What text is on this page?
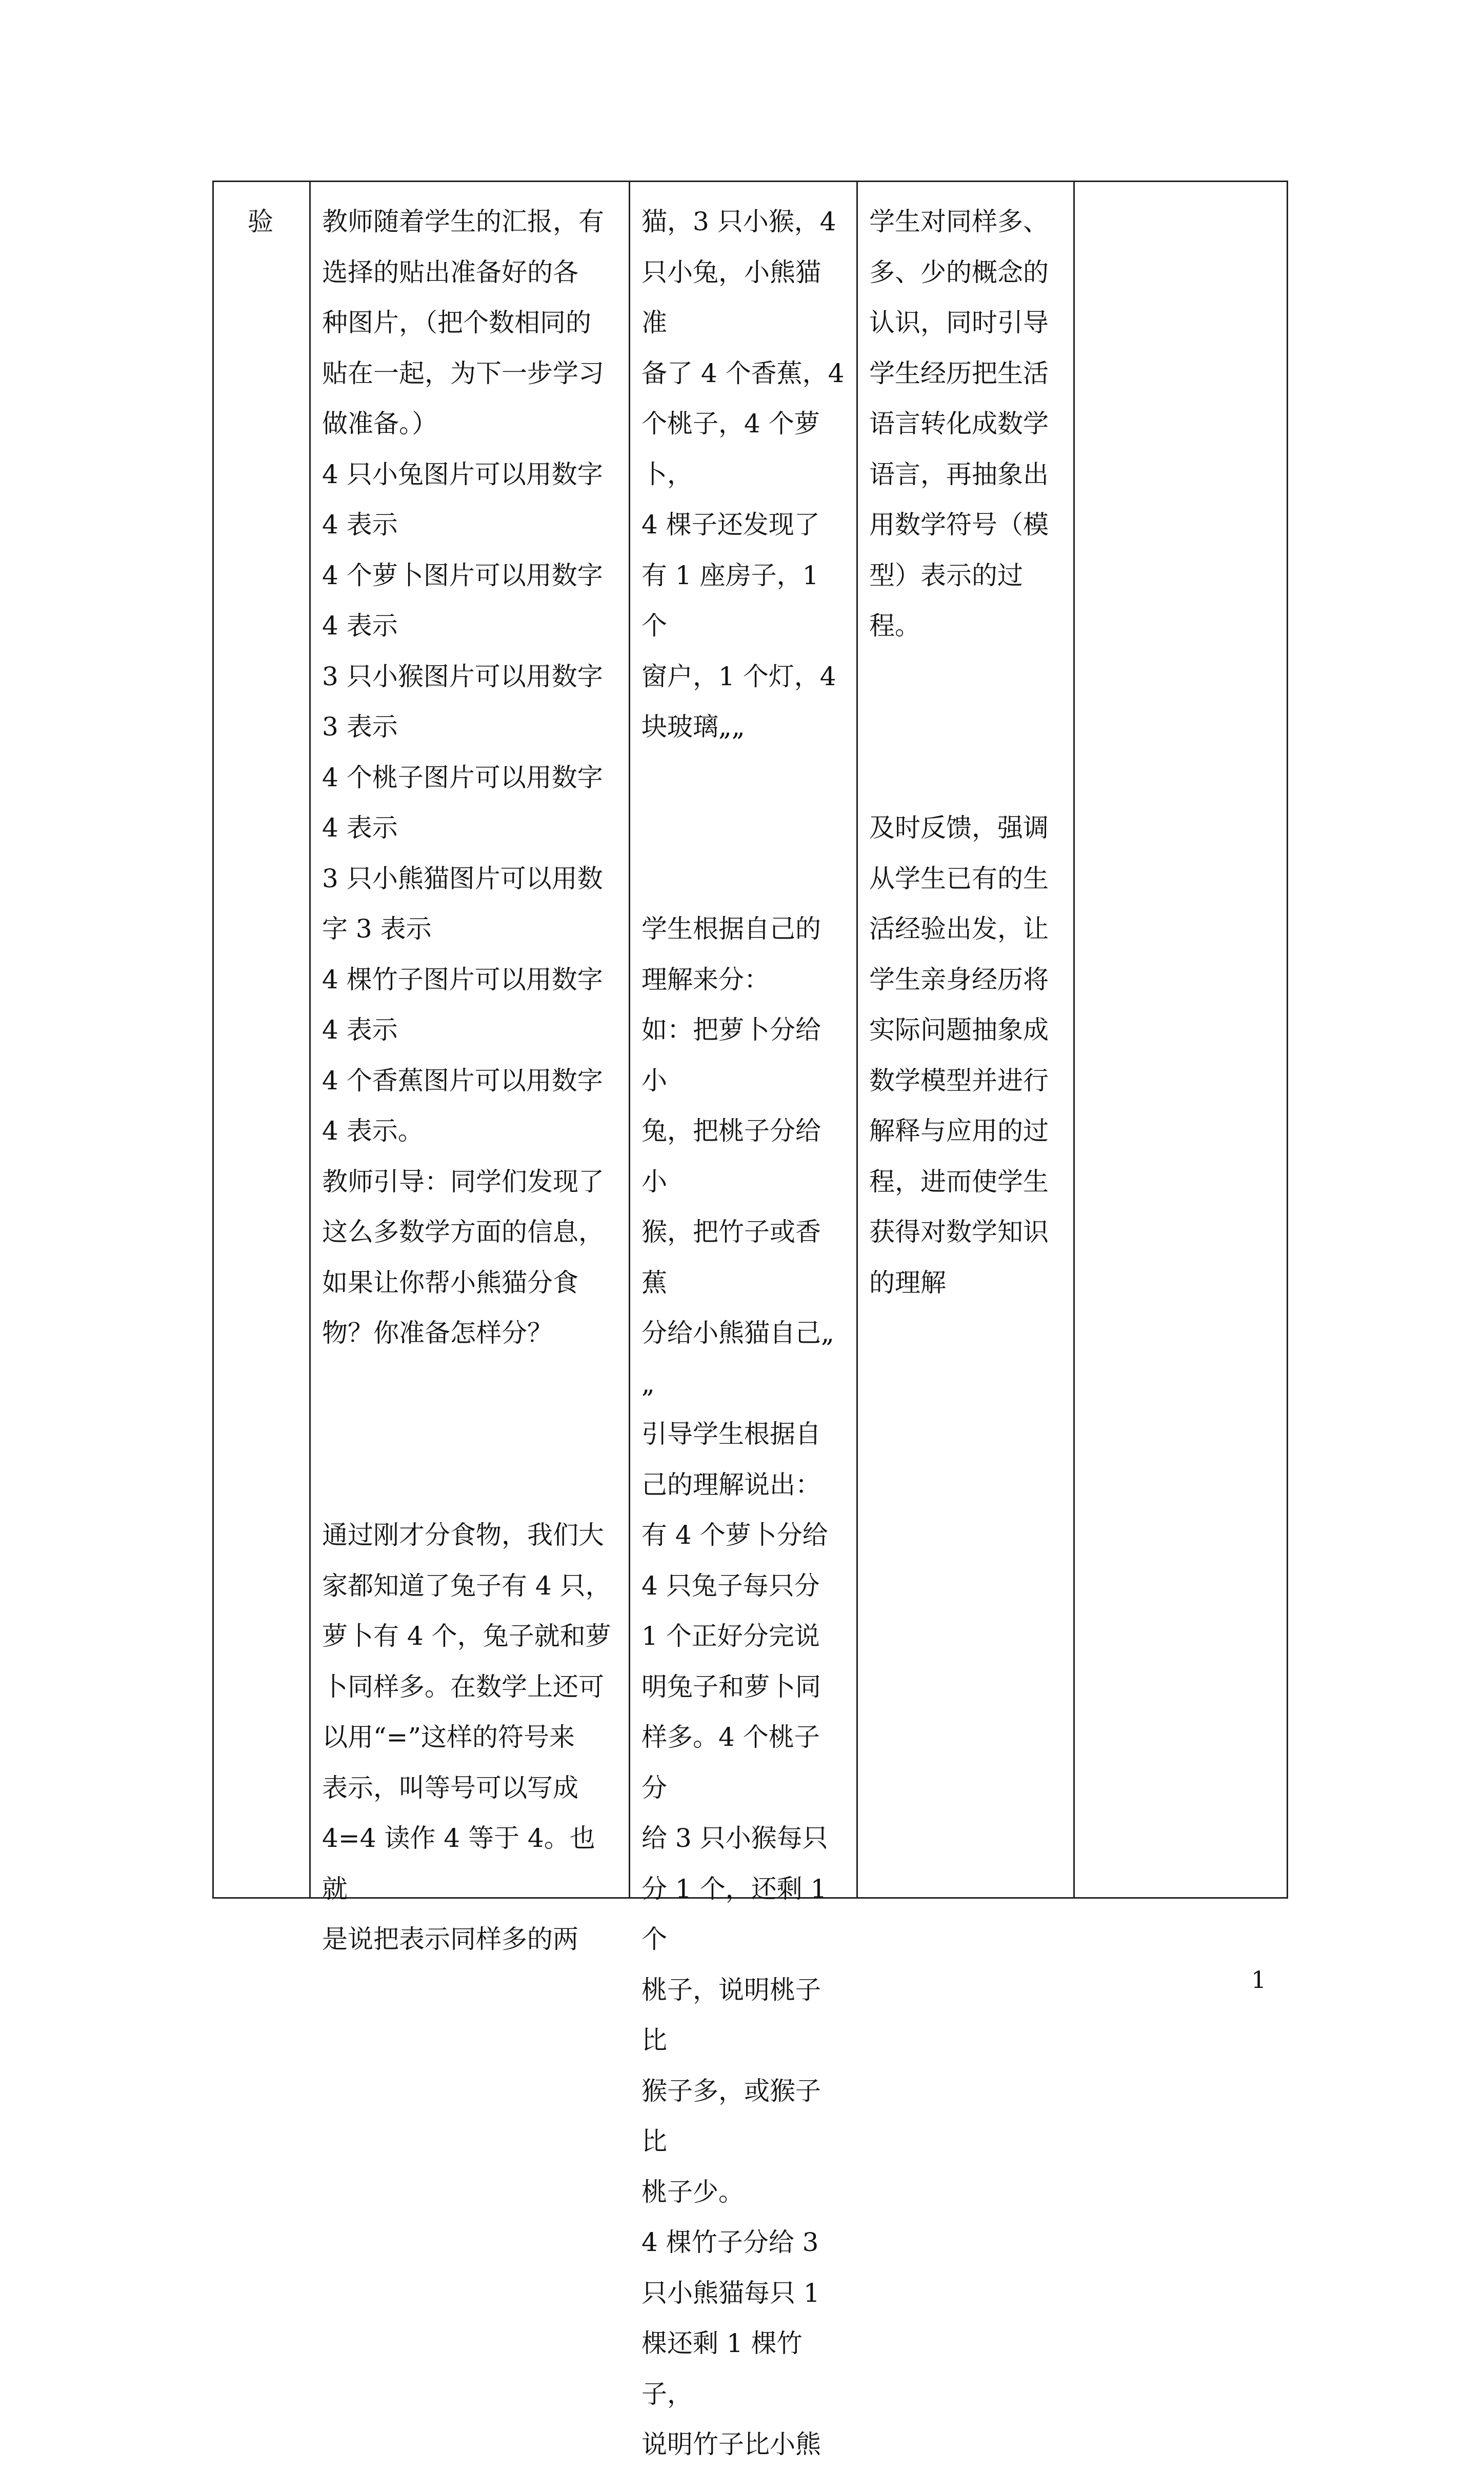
验	教师随着学生的汇报，有
选择的贴出准备好的各
种图片，（把个数相同的
贴在一起，为下一步学习
做准备。）
4 只小兔图片可以用数字
4 表示
4 个萝卜图片可以用数字
4 表示
3 只小猴图片可以用数字
3 表示
4 个桃子图片可以用数字
4 表示
3 只小熊猫图片可以用数
字 3 表示
4 棵竹子图片可以用数字
4 表示
4 个香蕉图片可以用数字
4 表示。
教师引导：同学们发现了
这么多数学方面的信息，
如果让你帮小熊猫分食
物？你准备怎样分？
通过刚才分食物，我们大
家都知道了兔子有 4 只，
萝卜有 4 个，兔子就和萝
卜同样多。在数学上还可
以用“=”这样的符号来
表示，叫等号可以写成
4=4 读作 4 等于 4。也就
是说把表示同样多的两
猫，3 只小猴，4
只小兔，小熊猫准
备了 4 个香蕉，4
个桃子，4 个萝卜，
4 棵子还发现了
有 1 座房子，1 个
窗户，1 个灯，4
块玻璃„„
学生根据自己的
理解来分：
如：把萝卜分给小
兔，把桃子分给小
猴，把竹子或香蕉
分给小熊猫自己„
„
引导学生根据自
己的理解说出：
有 4 个萝卜分给
4 只兔子每只分
1 个正好分完说
明兔子和萝卜同
样多。4 个桃子分
给 3 只小猴每只
分 1 个，还剩 1 个
桃子，说明桃子比
猴子多，或猴子比
桃子少。
4 棵竹子分给 3
只小熊猫每只 1
棵还剩 1 棵竹子，
说明竹子比小熊
学生对同样多、
多、少的概念的
认识，同时引导
学生经历把生活
语言转化成数学
语言，再抽象出
用数学符号（模
型）表示的过程。
及时反馈，强调
从学生已有的生
活经验出发，让
学生亲身经历将
实际问题抽象成
数学模型并进行
解释与应用的过
程，进而使学生
获得对数学知识
的理解
1
